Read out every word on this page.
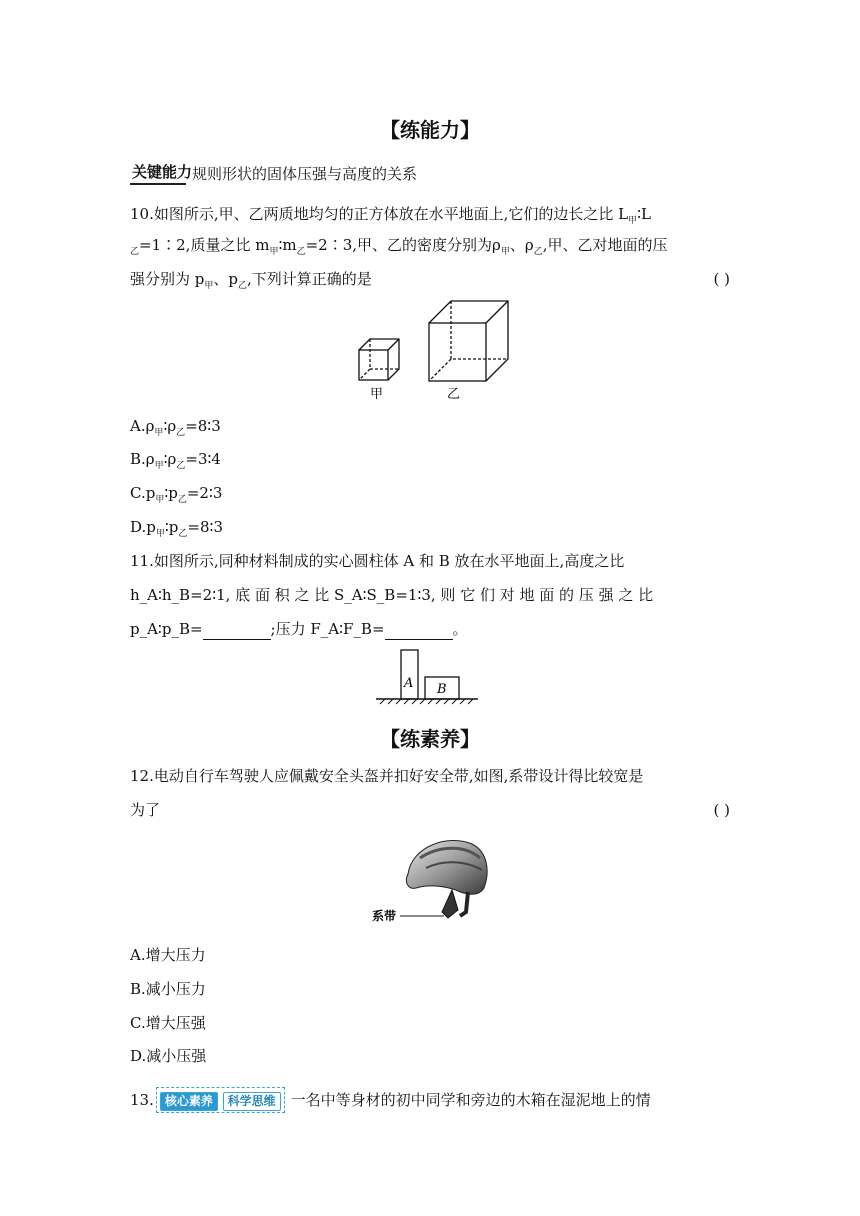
【练能力】
关键能力规则形状的固体压强与高度的关系
10.如图所示,甲、乙两质地均匀的正方体放在水平地面上,它们的边长之比 $L_甲∶L$
$_乙$=1∶2,质量之比 $m_甲∶m_乙=2∶3$,甲、乙的密度分别为$\rho_甲$、$\rho_乙$,甲、乙对地面的压
强分别为 $p_甲$、$p_乙$,下列计算正确的是	( )
甲	乙
$A.\rho_甲∶\rho_乙=8∶3$
$B.\rho_甲∶\rho_乙=3∶4$
$C.p_甲∶p_乙=2∶3$
$D.p_甲∶p_乙=8∶3$
11.如图所示,同种材料制成的实心圆柱体 A 和 B 放在水平地面上,高度之比
h_A∶h_B=2∶1, 底 面 积 之 比 S_A∶S_B=1∶3, 则 它 们 对 地 面 的 压 强 之 比
p_A∶p_B=	;压力 F_A∶F_B=	。
A B
【练素养】
12.电动自行车驾驶人应佩戴安全头盔并扣好安全带,如图,系带设计得比较宽是
为了	( )
系带
A.增大压力
B.减小压力
C.增大压强
D.减小压强
13. 核心素养 科学思维 一名中等身材的初中同学和旁边的木箱在湿泥地上的情
